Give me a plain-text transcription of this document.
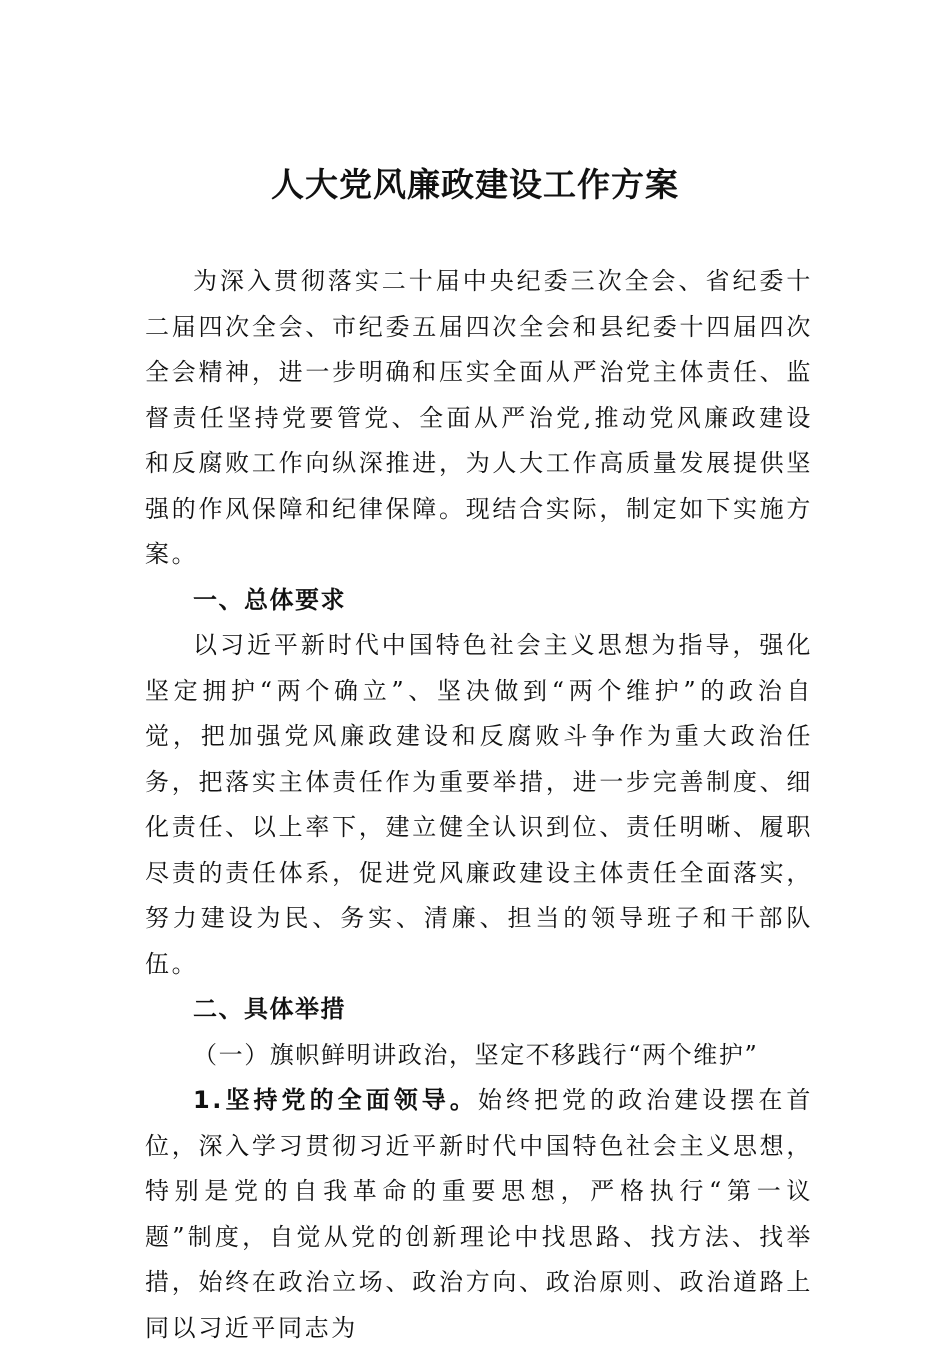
人大党风廉政建设工作方案

为深入贯彻落实二十届中央纪委三次全会、省纪委十二届四次全会、市纪委五届四次全会和县纪委十四届四次全会精神，进一步明确和压实全面从严治党主体责任、监督责任坚持党要管党、全面从严治党,推动党风廉政建设和反腐败工作向纵深推进，为人大工作高质量发展提供坚强的作风保障和纪律保障。现结合实际，制定如下实施方案。

一、总体要求

以习近平新时代中国特色社会主义思想为指导，强化坚定拥护“两个确立”、坚决做到“两个维护”的政治自觉，把加强党风廉政建设和反腐败斗争作为重大政治任务，把落实主体责任作为重要举措，进一步完善制度、细化责任、以上率下，建立健全认识到位、责任明晰、履职尽责的责任体系，促进党风廉政建设主体责任全面落实，努力建设为民、务实、清廉、担当的领导班子和干部队伍。

二、具体举措

（一）旗帜鲜明讲政治，坚定不移践行“两个维护”

1.坚持党的全面领导。始终把党的政治建设摆在首位，深入学习贯彻习近平新时代中国特色社会主义思想，特别是党的自我革命的重要思想，严格执行“第一议题”制度，自觉从党的创新理论中找思路、找方法、找举措，始终在政治立场、政治方向、政治原则、政治道路上同以习近平同志为
